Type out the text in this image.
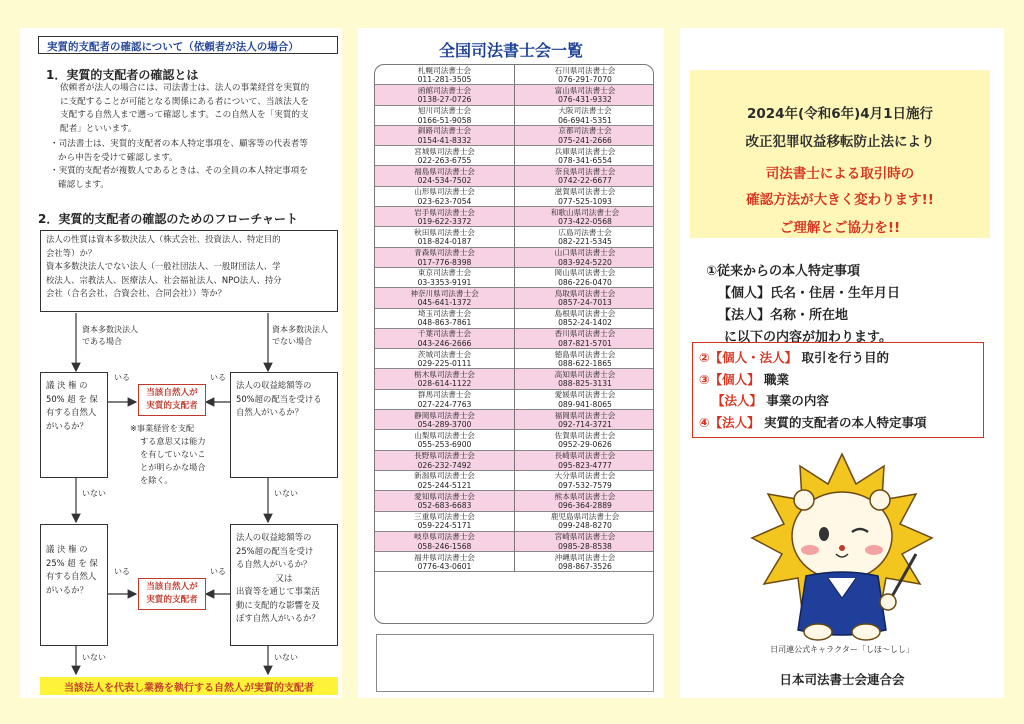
実質的支配者の確認について（依頼者が法人の場合）
1．実質的支配者の確認とは
依頼者が法人の場合には、司法書士は、法人の事業経営を実質的
に支配することが可能となる関係にある者について、当該法人を
支配する自然人まで遡って確認します。この自然人を「実質的支
配者」といいます。
・司法書士は、実質的支配者の本人特定事項を、顧客等の代表者等
から申告を受けて確認します。
・実質的支配者が複数人であるときは、その全員の本人特定事項を
確認します。
2．実質的支配者の確認のためのフローチャート
法人の性質は資本多数決法人（株式会社、投資法人、特定目的
会社等）か？
資本多数決法人でない法人（一般社団法人、一般財団法人、学
校法人、宗教法人、医療法人、社会福祉法人、NPO法人、持分
会社（合名会社、合資会社、合同会社））等か？
資本多数決法人
である場合
資本多数決法人
でない場合
議 決 権 の
50% 超 を 保
有する自然人
がいるか？
いる
当該自然人が
実質的支配者
いる
法人の収益総額等の
50%超の配当を受ける
自然人がいるか？
※事業経営を支配
する意思又は能力
を有していないこ
とが明らかな場合
を除く。
いない	いない
議 決 権 の
25% 超 を 保
有する自然人
がいるか？
いる
当該自然人が
実質的支配者
いる
法人の収益総額等の
25%超の配当を受け
る自然人がいるか？
又は
出資等を通じて事業活
動に支配的な影響を及
ぼす自然人がいるか？
いない	いない
当該法人を代表し業務を執行する自然人が実質的支配者
全国司法書士会一覧
札幌司法書士会
011-281-3505
函館司法書士会
0138-27-0726
旭川司法書士会
0166-51-9058
釧路司法書士会
0154-41-8332
宮城県司法書士会
022-263-6755
福島県司法書士会
024-534-7502
山形県司法書士会
023-623-7054
岩手県司法書士会
019-622-3372
秋田県司法書士会
018-824-0187
青森県司法書士会
017-776-8398
東京司法書士会
03-3353-9191
神奈川県司法書士会
045-641-1372
埼玉司法書士会
048-863-7861
千葉司法書士会
043-246-2666
茨城司法書士会
029-225-0111
栃木県司法書士会
028-614-1122
群馬司法書士会
027-224-7763
静岡県司法書士会
054-289-3700
山梨県司法書士会
055-253-6900
長野県司法書士会
026-232-7492
新潟県司法書士会
025-244-5121
愛知県司法書士会
052-683-6683
三重県司法書士会
059-224-5171
岐阜県司法書士会
058-246-1568
福井県司法書士会
0776-43-0601
石川県司法書士会
076-291-7070
富山県司法書士会
076-431-9332
大阪司法書士会
06-6941-5351
京都司法書士会
075-241-2666
兵庫県司法書士会
078-341-6554
奈良県司法書士会
0742-22-6677
滋賀県司法書士会
077-525-1093
和歌山県司法書士会
073-422-0568
広島司法書士会
082-221-5345
山口県司法書士会
083-924-5220
岡山県司法書士会
086-226-0470
鳥取県司法書士会
0857-24-7013
島根県司法書士会
0852-24-1402
香川県司法書士会
087-821-5701
徳島県司法書士会
088-622-1865
高知県司法書士会
088-825-3131
愛媛県司法書士会
089-941-8065
福岡県司法書士会
092-714-3721
佐賀県司法書士会
0952-29-0626
長崎県司法書士会
095-823-4777
大分県司法書士会
097-532-7579
熊本県司法書士会
096-364-2889
鹿児島県司法書士会
099-248-8270
宮崎県司法書士会
0985-28-8538
沖縄県司法書士会
098-867-3526
2024年(令和6年)4月1日施行
改正犯罪収益移転防止法により
司法書士による取引時の
確認方法が大きく変わります!!
ご理解とご協力を!!
①従来からの本人特定事項
【個人】氏名・住居・生年月日
【法人】名称・所在地
に以下の内容が加わります。
②【個人・法人】 取引を行う目的
③【個人】 職業
【法人】 事業の内容
④【法人】 実質的支配者の本人特定事項
日司連公式キャラクター「しほ～しし」
日本司法書士会連合会
